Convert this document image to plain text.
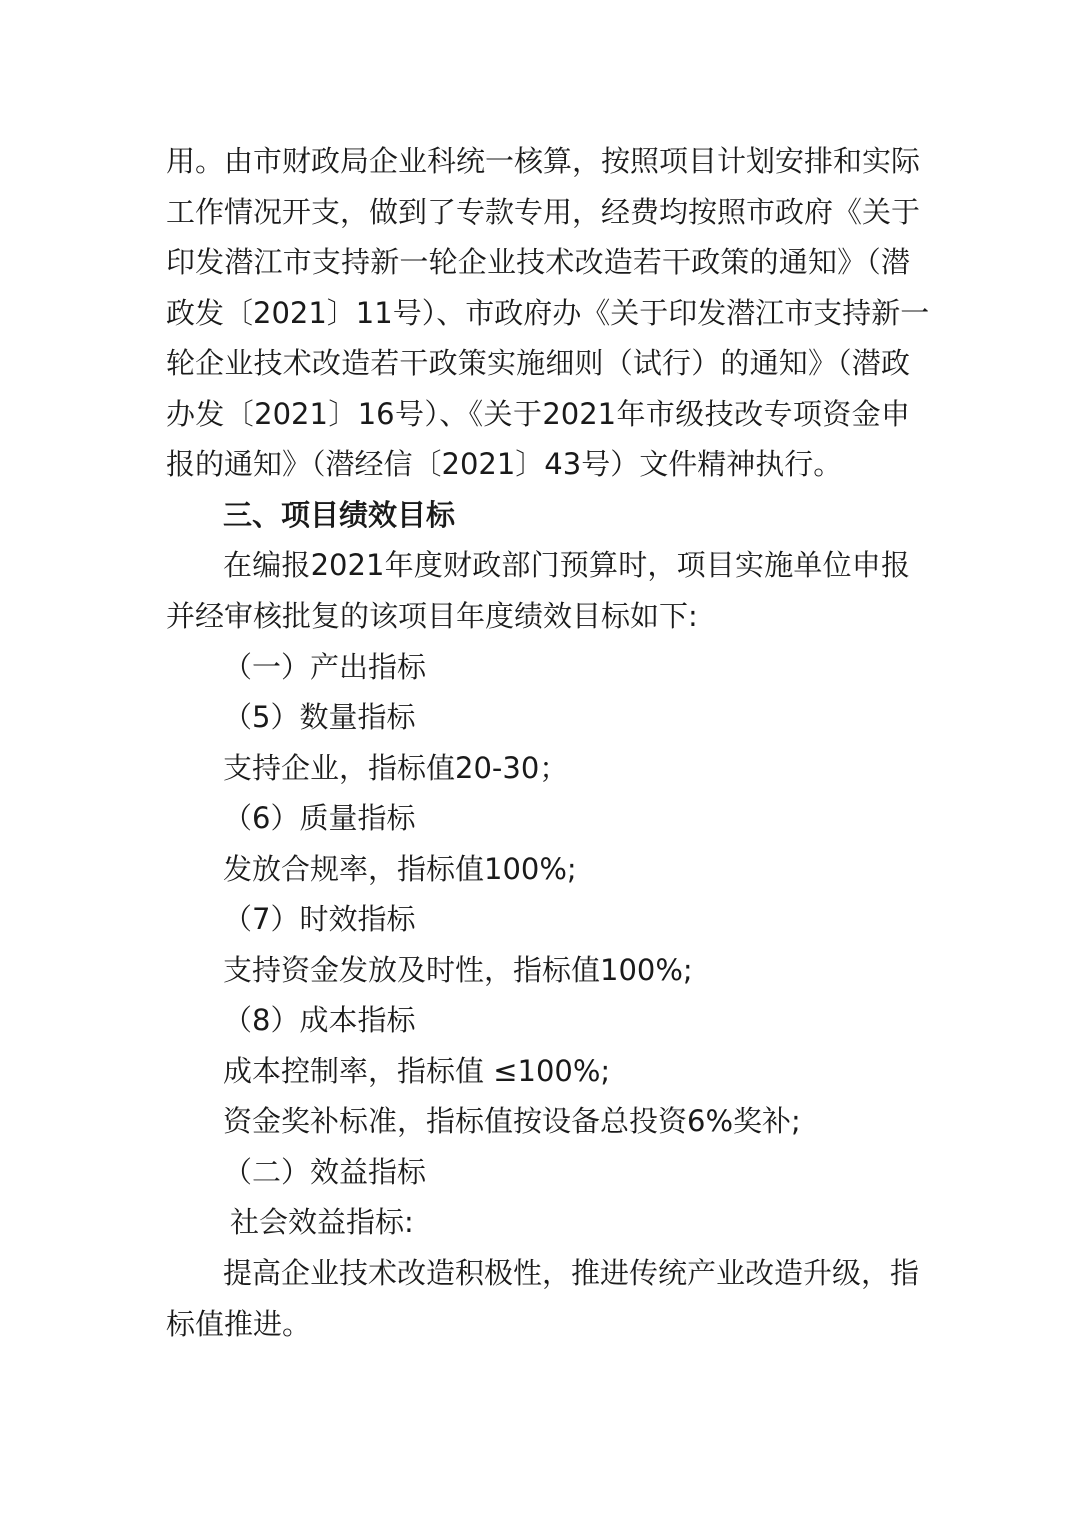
用。由市财政局企业科统一核算，按照项目计划安排和实际
工作情况开支，做到了专款专用，经费均按照市政府《关于
印发潜江市支持新一轮企业技术改造若干政策的通知》（潜
政发〔2021〕11号）、市政府办《关于印发潜江市支持新一
轮企业技术改造若干政策实施细则（试行）的通知》（潜政
办发〔2021〕16号）、《关于2021年市级技改专项资金申
报的通知》（潜经信〔2021〕43号）文件精神执行。
三、项目绩效目标
在编报2021年度财政部门预算时，项目实施单位申报
并经审核批复的该项目年度绩效目标如下:
（一）产出指标
（5）数量指标
支持企业，指标值20-30；
（6）质量指标
发放合规率，指标值100%;
（7）时效指标
支持资金发放及时性，指标值100%;
（8）成本指标
成本控制率，指标值 ≤100%;
资金奖补标准，指标值按设备总投资6%奖补;
（二）效益指标
社会效益指标:
提高企业技术改造积极性，推进传统产业改造升级，指
标值推进。
